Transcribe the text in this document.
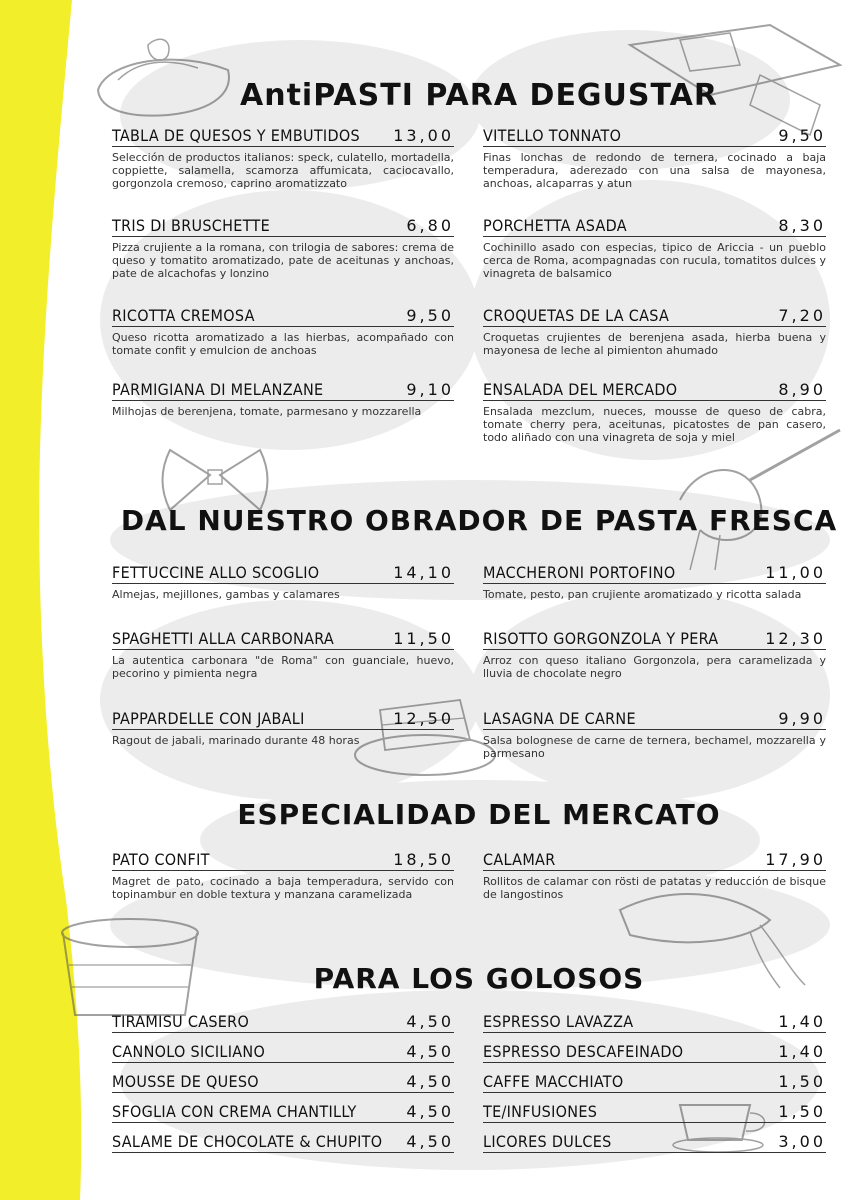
AntiPASTI PARA DEGUSTAR
TABLA DE QUESOS Y EMBUTIDOS 13,00
Selección de productos italianos: speck, culatello, mortadella, coppiette, salamella, scamorza affumicata, caciocavallo, gorgonzola cremoso, caprino aromatizzato
TRIS DI BRUSCHETTE	6,80
Pizza crujiente a la romana, con trilogia de sabores: crema de queso y tomatito aromatizado, pate de aceitunas y anchoas, pate de alcachofas y lonzino
RICOTTA CREMOSA	9,50
Queso ricotta aromatizado a las hierbas, acompañado con tomate confit y emulcion de anchoas
PARMIGIANA DI MELANZANE	9,10
Milhojas de berenjena, tomate, parmesano y mozzarella
VITELLO TONNATO	9,50
Finas lonchas de redondo de ternera, cocinado a baja temperadura, aderezado con una salsa de mayonesa, anchoas, alcaparras y atun
PORCHETTA ASADA	8,30
Cochinillo asado con especias, tipico de Ariccia - un pueblo cerca de Roma, acompagnadas con rucula, tomatitos dulces y vinagreta de balsamico
CROQUETAS DE LA CASA	7,20
Croquetas crujientes de berenjena asada, hierba buena y mayonesa de leche al pimienton ahumado
ENSALADA DEL MERCADO	8,90
Ensalada mezclum, nueces, mousse de queso de cabra, tomate cherry pera, aceitunas, picatostes de pan casero, todo aliñado con una vinagreta de soja y miel
DAL NUESTRO OBRADOR DE PASTA FRESCA
FETTUCCINE ALLO SCOGLIO	14,10
Almejas, mejillones, gambas y calamares
SPAGHETTI ALLA CARBONARA	11,50
La autentica carbonara "de Roma" con guanciale, huevo, pecorino y pimienta negra
PAPPARDELLE CON JABALI	12,50
Ragout de jabali, marinado durante 48 horas
MACCHERONI PORTOFINO	11,00
Tomate, pesto, pan crujiente aromatizado y ricotta salada
RISOTTO GORGONZOLA Y PERA	12,30
Arroz con queso italiano Gorgonzola, pera caramelizada y lluvia de chocolate negro
LASAGNA DE CARNE	9,90
Salsa bolognese de carne de ternera, bechamel, mozzarella y parmesano
ESPECIALIDAD DEL MERCATO
PATO CONFIT	18,50
Magret de pato, cocinado a baja temperadura, servido con topinambur en doble textura y manzana caramelizada
CALAMAR	17,90
Rollitos de calamar con rösti de patatas y reducción de bisque de langostinos
PARA LOS GOLOSOS
TIRAMISU CASERO	4,50
CANNOLO SICILIANO	4,50
MOUSSE DE QUESO	4,50
SFOGLIA CON CREMA CHANTILLY	4,50
SALAME DE CHOCOLATE & CHUPITO 4,50
ESPRESSO LAVAZZA	1,40
ESPRESSO DESCAFEINADO	1,40
CAFFE MACCHIATO	1,50
TE/INFUSIONES	1,50
LICORES DULCES	3,00
